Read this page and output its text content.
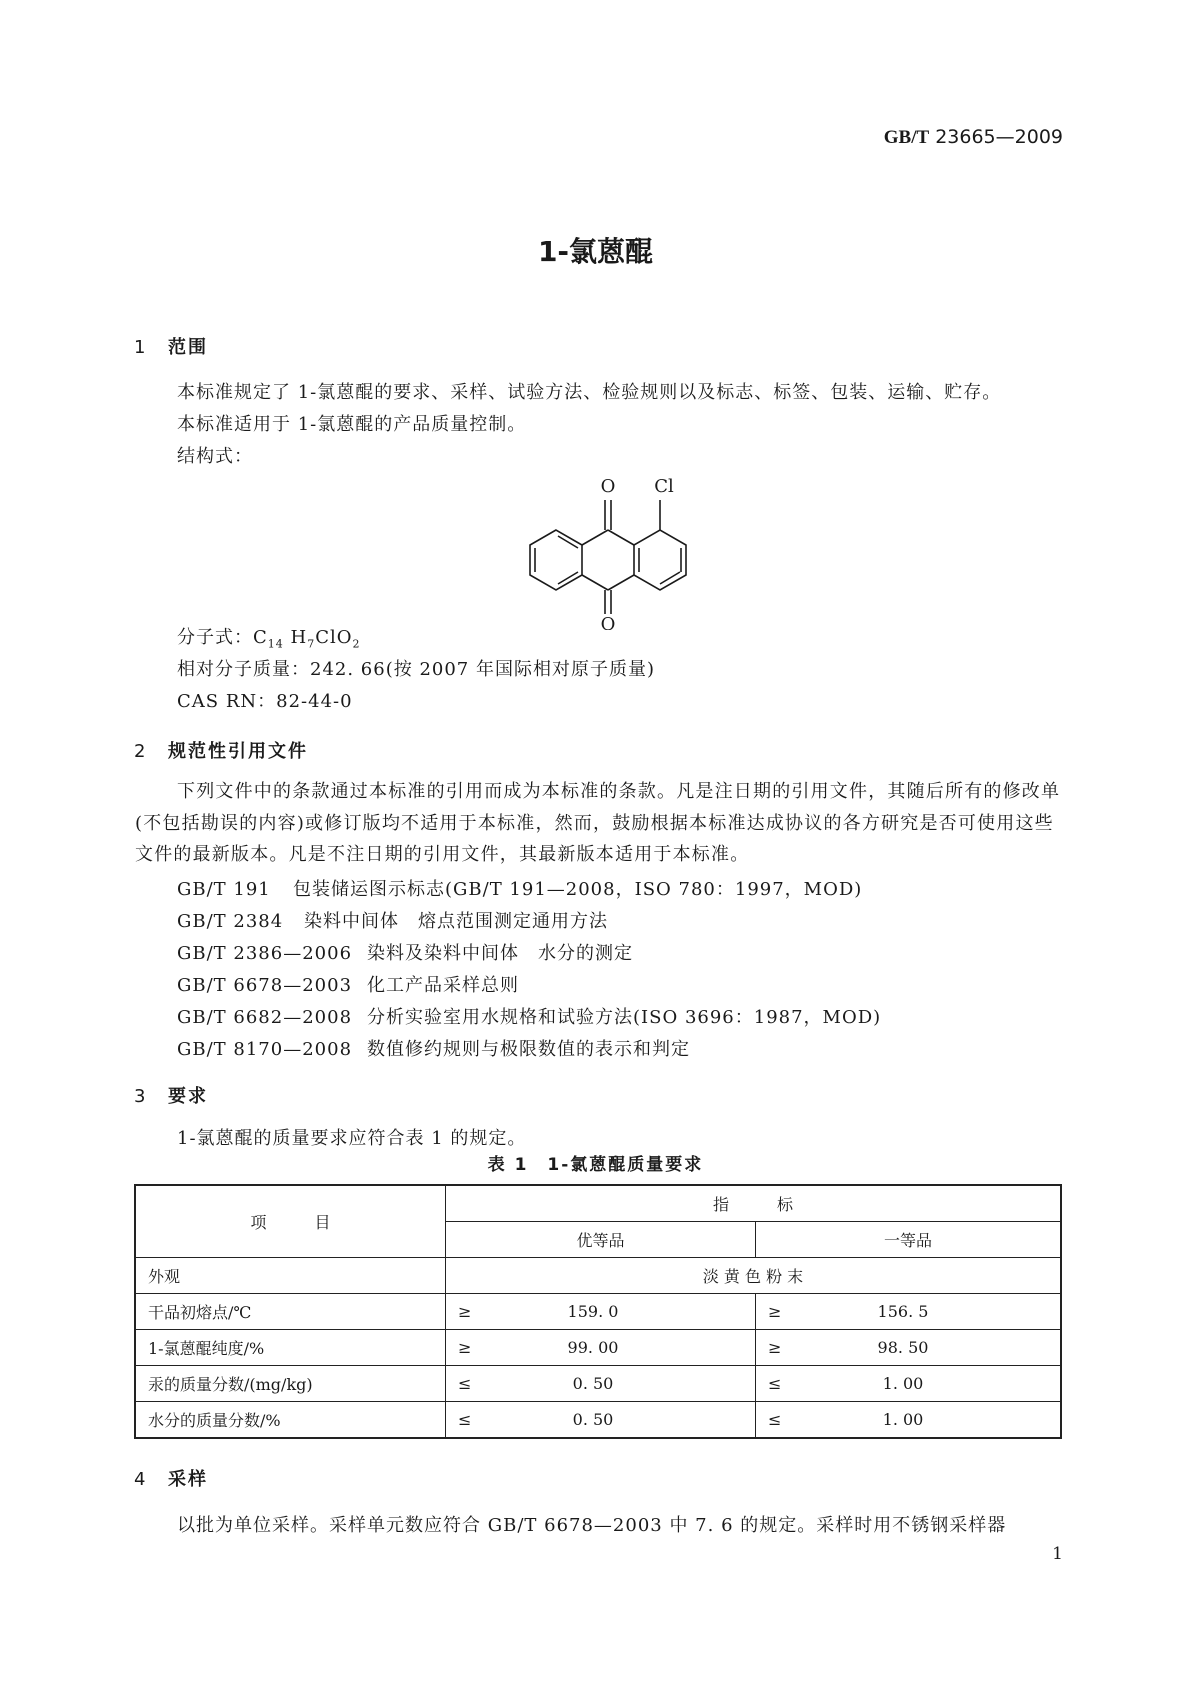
GB/T 23665—2009
1-氯蒽醌
1 范围
本标准规定了 1-氯蒽醌的要求、采样、试验方法、检验规则以及标志、标签、包装、运输、贮存。
本标准适用于 1-氯蒽醌的产品质量控制。
结构式：
O Cl
O
分子式：$C_{14}$ $H_7ClO_2$
相对分子质量：242. 66(按 2007 年国际相对原子质量)
CAS RN：82-44-0
2 规范性引用文件
下列文件中的条款通过本标准的引用而成为本标准的条款。凡是注日期的引用文件，其随后所有的修改单(不包括勘误的内容)或修订版均不适用于本标准，然而，鼓励根据本标准达成协议的各方研究是否可使用这些文件的最新版本。凡是不注日期的引用文件，其最新版本适用于本标准。
GB/T 191 包装储运图示标志(GB/T 191—2008，ISO 780：1997，MOD)
GB/T 2384 染料中间体　熔点范围测定通用方法
GB/T 2386—2006 染料及染料中间体　水分的测定
GB/T 6678—2003 化工产品采样总则
GB/T 6682—2008 分析实验室用水规格和试验方法(ISO 3696：1987，MOD)
GB/T 8170—2008 数值修约规则与极限数值的表示和判定
3 要求
1-氯蒽醌的质量要求应符合表 1 的规定。
表 1　1-氯蒽醌质量要求
项　　　目	指　　　标	
	优等品	一等品
外观	淡 黄 色 粉 末	
干品初熔点/℃	≥ 159. 0	≥ 156. 5
1-氯蒽醌纯度/%	≥ 99. 00	≥ 98. 50
汞的质量分数/(mg/kg)	≤ 0. 50	≤ 1. 00
水分的质量分数/%	≤ 0. 50	≤ 1. 00
4 采样
以批为单位采样。采样单元数应符合 GB/T 6678—2003 中 7. 6 的规定。采样时用不锈钢采样器
1
